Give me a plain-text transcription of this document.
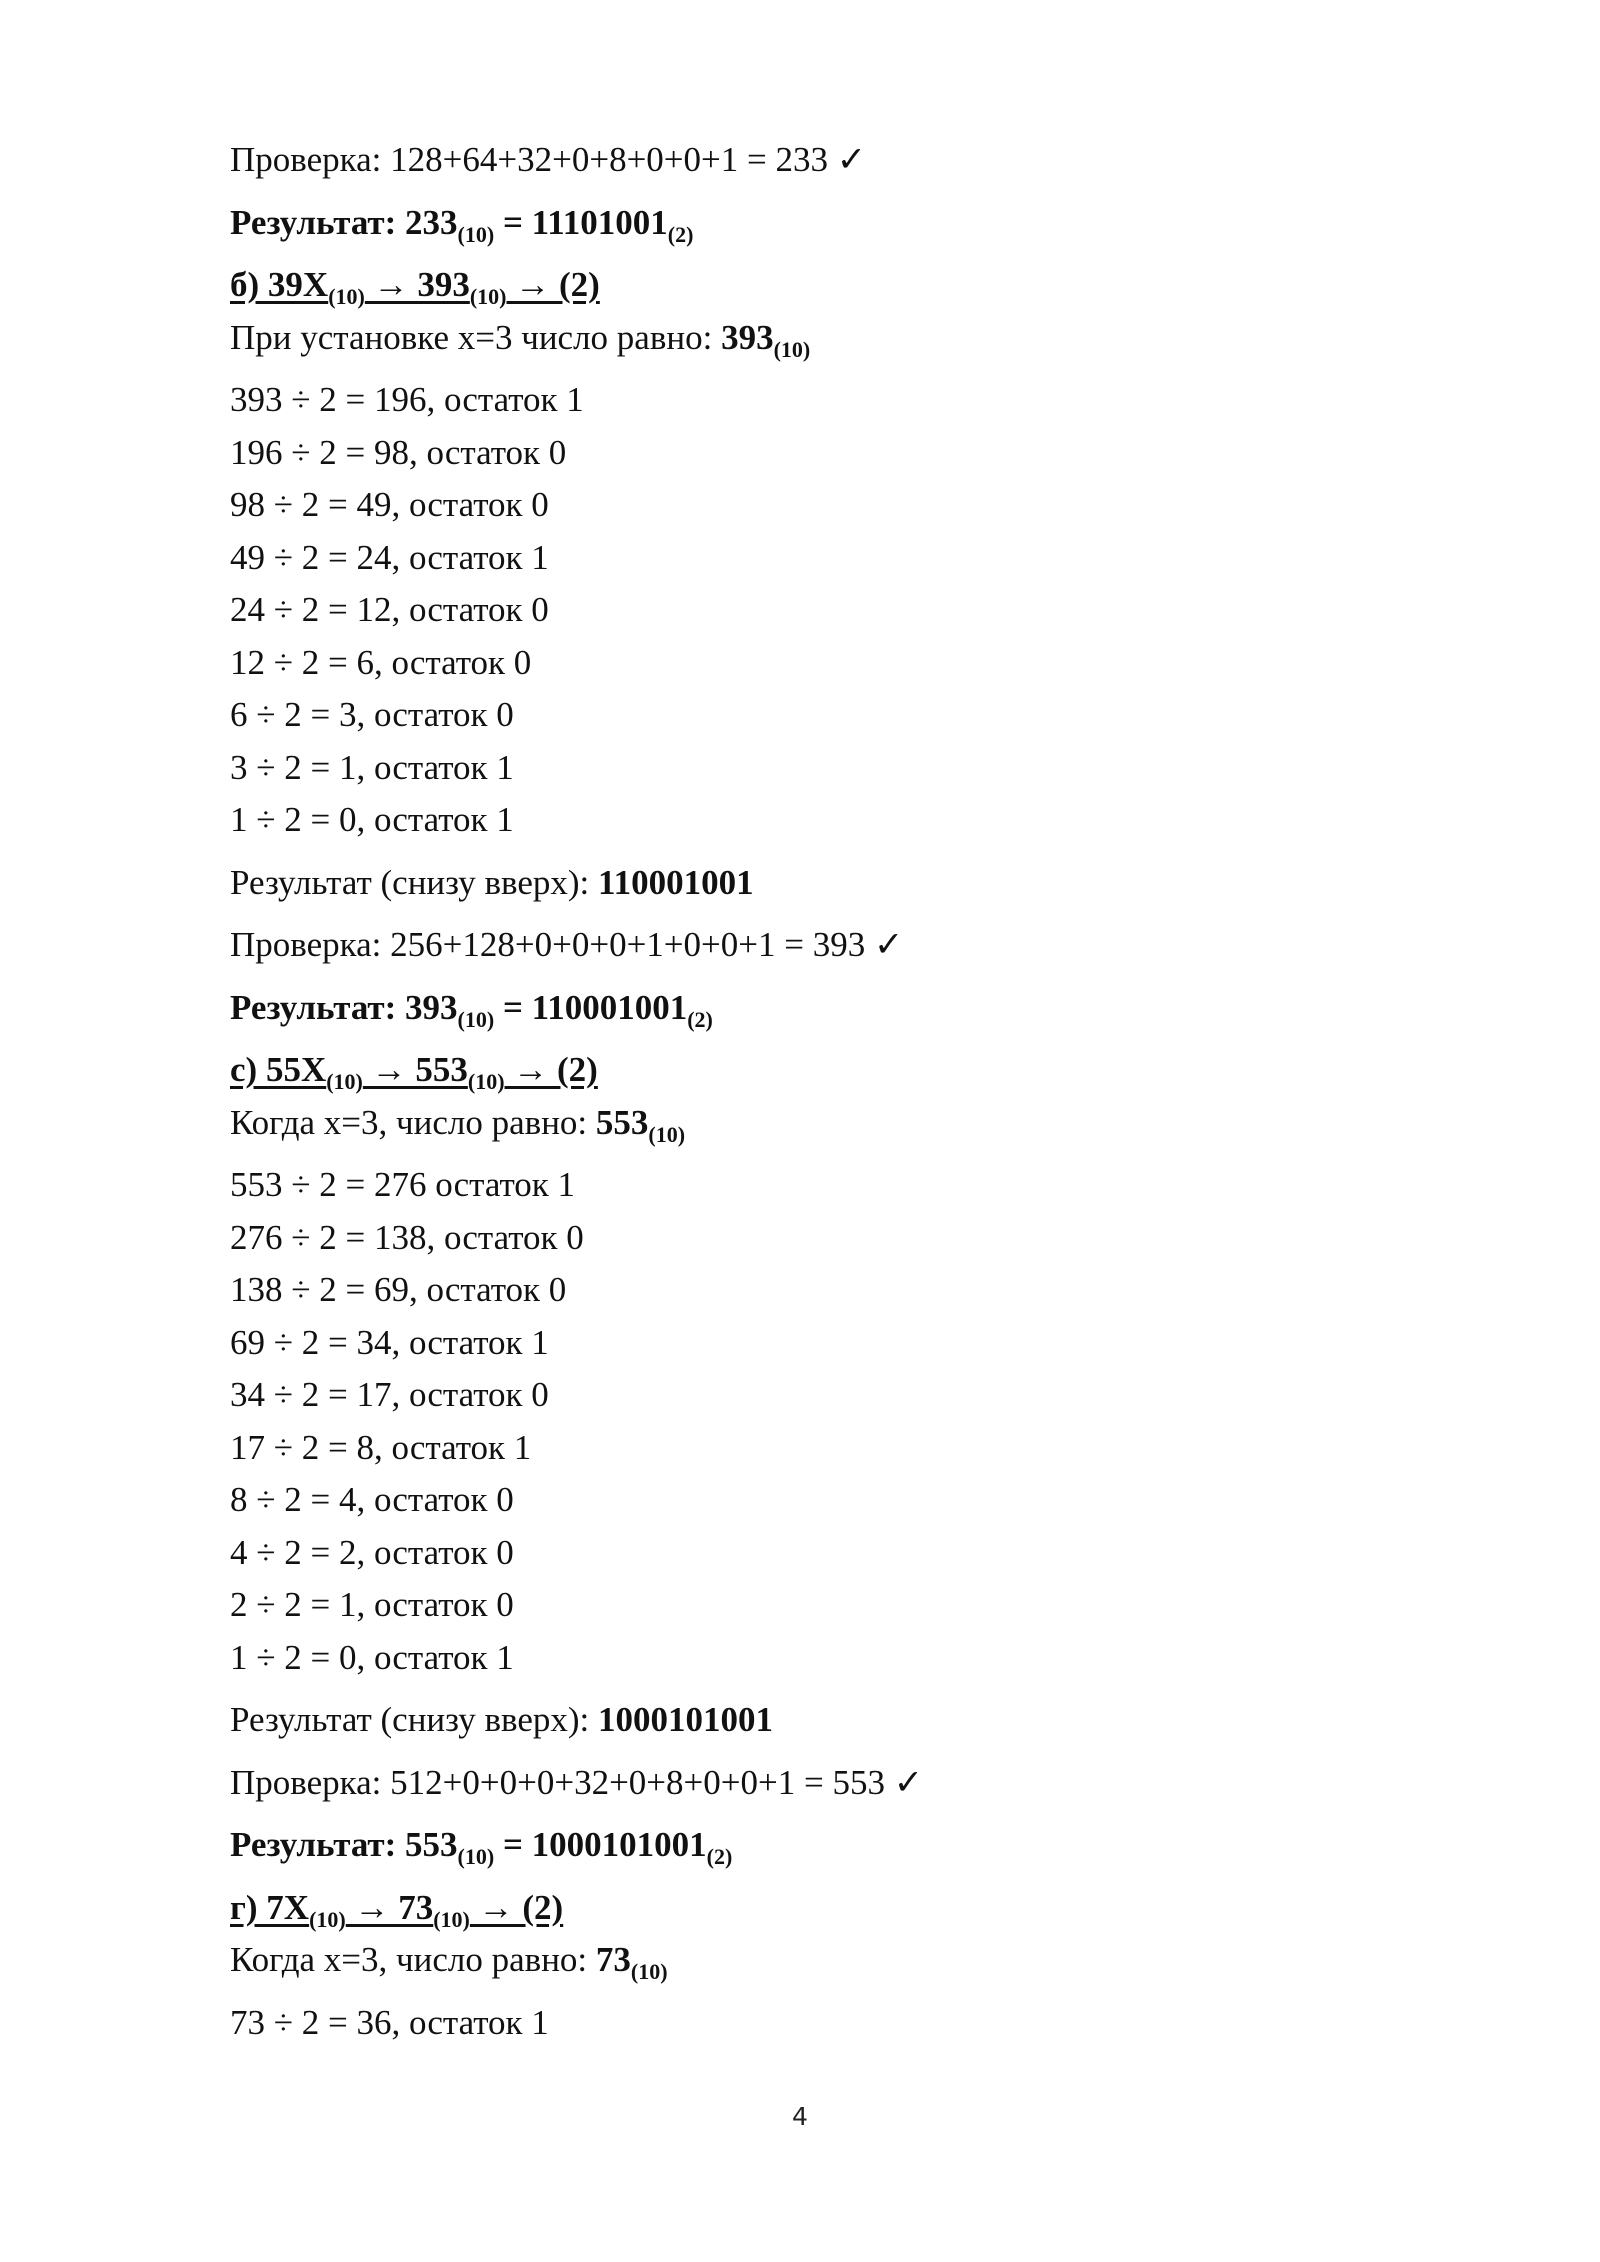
Проверка: 128+64+32+0+8+0+0+1 = 233 ✓
Результат: $233_{(10)} = 11101001_{(2)}$
б) $39X_{(10)} \to 393_{(10)} \to (2)$
При установке x=3 число равно: $393_{(10)}$
393 ÷ 2 = 196, остаток 1
196 ÷ 2 = 98, остаток 0
98 ÷ 2 = 49, остаток 0
49 ÷ 2 = 24, остаток 1
24 ÷ 2 = 12, остаток 0
12 ÷ 2 = 6, остаток 0
6 ÷ 2 = 3, остаток 0
3 ÷ 2 = 1, остаток 1
1 ÷ 2 = 0, остаток 1
Результат (снизу вверх): 110001001
Проверка: 256+128+0+0+0+1+0+0+1 = 393 ✓
Результат: $393_{(10)} = 110001001_{(2)}$
c) $55X_{(10)} \to 553_{(10)} \to (2)$
Когда x=3, число равно: $553_{(10)}$
553 ÷ 2 = 276 остаток 1
276 ÷ 2 = 138, остаток 0
138 ÷ 2 = 69, остаток 0
69 ÷ 2 = 34, остаток 1
34 ÷ 2 = 17, остаток 0
17 ÷ 2 = 8, остаток 1
8 ÷ 2 = 4, остаток 0
4 ÷ 2 = 2, остаток 0
2 ÷ 2 = 1, остаток 0
1 ÷ 2 = 0, остаток 1
Результат (снизу вверх): 1000101001
Проверка: 512+0+0+0+32+0+8+0+0+1 = 553 ✓
Результат: $553_{(10)} = 1000101001_{(2)}$
г) $7X_{(10)} \to 73_{(10)} \to (2)$
Когда x=3, число равно: $73_{(10)}$
73 ÷ 2 = 36, остаток 1
4
